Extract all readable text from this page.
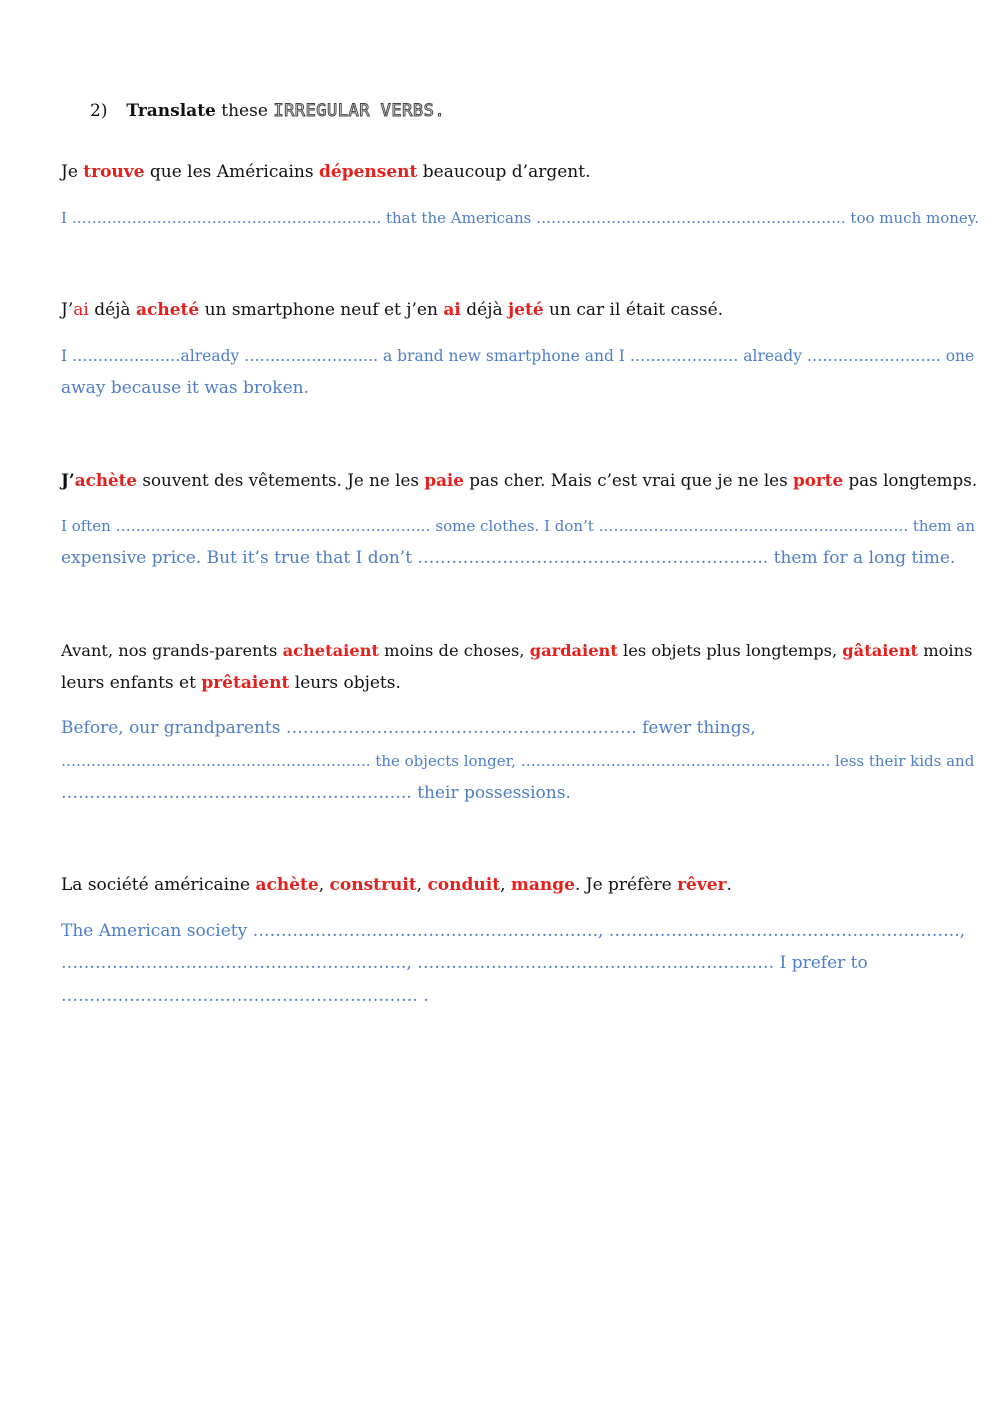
2) Translate these IRREGULAR VERBS.
Je trouve que les Américains dépensent beaucoup d’argent.
I …………………………………………………….. that the Americans …………………………………………………….. too much money.
J’ai déjà acheté un smartphone neuf et j’en ai déjà jeté un car il était cassé.
I …………………already …………………….. a brand new smartphone and I ………………… already …………………….. one
away because it was broken.
J’achète souvent des vêtements. Je ne les paie pas cher. Mais c’est vrai que je ne les porte pas longtemps.
I often ……………………………………………………… some clothes. I don’t …………………………………………………….. them an
expensive price. But it’s true that I don’t …………………………………………………….. them for a long time.
Avant, nos grands-parents achetaient moins de choses, gardaient les objets plus longtemps, gâtaient moins
leurs enfants et prêtaient leurs objets.
Before, our grandparents …………………………………………………….. fewer things,
…………………………………………………….. the objects longer, …………………………………………………….. less their kids and
…………………………………………………….. their possessions.
La société américaine achète, construit, conduit, mange. Je préfère rêver.
The American society ……………………………………………………., ……………………………………………………..,
……………………………………………………., ……………………………………………………… I prefer to
……………………………………………………… .
